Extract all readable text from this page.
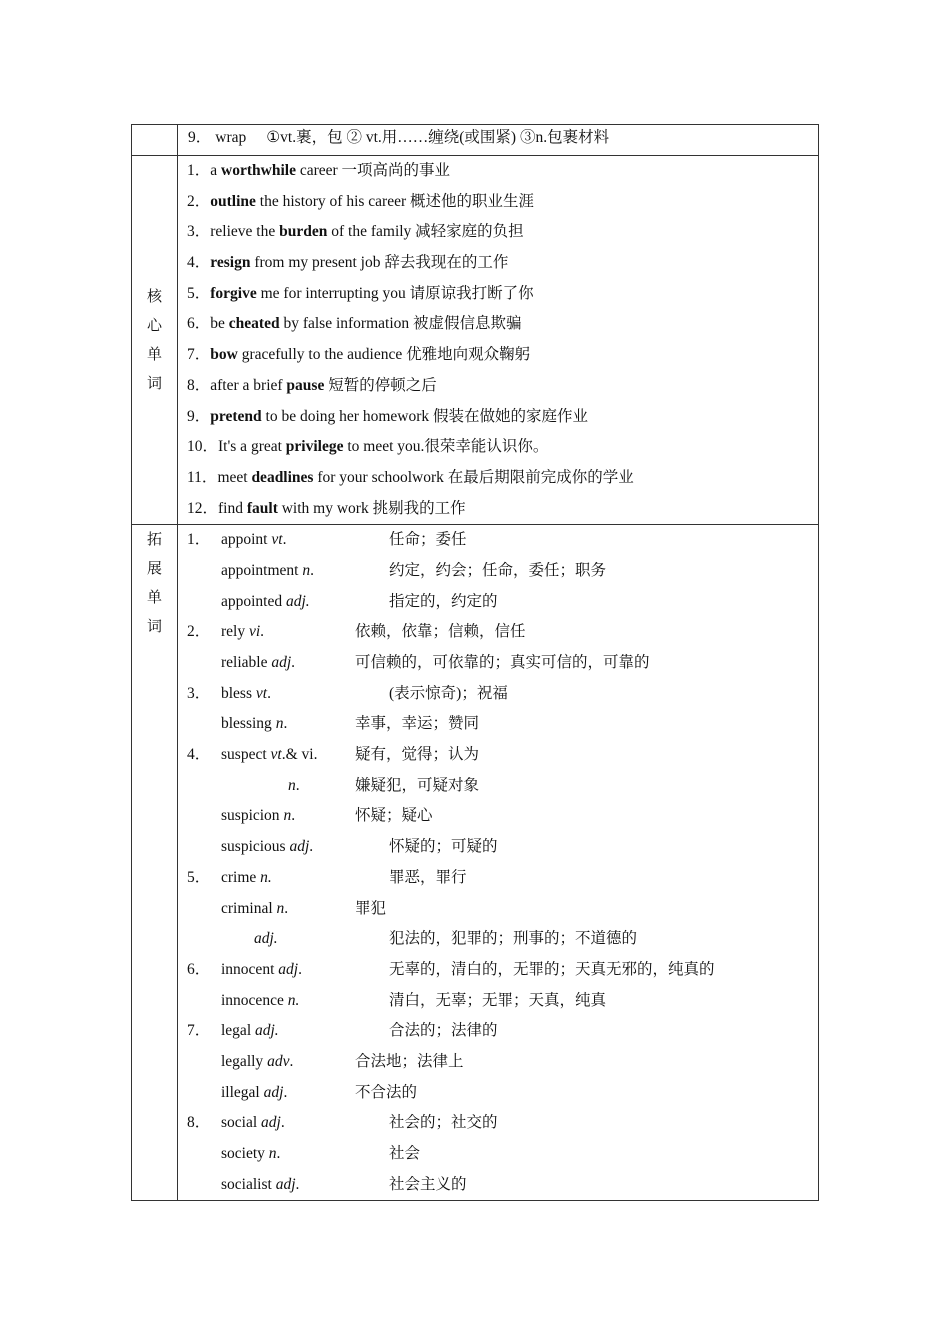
9． wrap ①vt.裹，包 ② vt.用……缠绕(或围紧) ③n.包裹材料
核
心
单
词
1．a worthwhile career 一项高尚的事业
2．outline the history of his career 概述他的职业生涯
3．relieve the burden of the family 减轻家庭的负担
4．resign from my present job 辞去我现在的工作
5．forgive me for interrupting you 请原谅我打断了你
6．be cheated by false information 被虚假信息欺骗
7．bow gracefully to the audience 优雅地向观众鞠躬
8．after a brief pause 短暂的停顿之后
9．pretend to be doing her homework 假装在做她的家庭作业
10．It's a great privilege to meet you.很荣幸能认识你。
11．meet deadlines for your schoolwork 在最后期限前完成你的学业
12．find fault with my work 挑剔我的工作
拓
展
单
词
1． appoint vt.	任命；委任
appointment n.	约定，约会；任命，委任；职务
appointed adj.	指定的，约定的
2． rely vi.	依赖，依靠；信赖，信任
reliable adj.	可信赖的，可依靠的；真实可信的，可靠的
3． bless vt.	(表示惊奇)；祝福
blessing n.	幸事，幸运；赞同
4． suspect vt.& vi. 疑有，觉得；认为
n.	嫌疑犯，可疑对象
suspicion n.	怀疑；疑心
suspicious adj.	怀疑的；可疑的
5． crime n.	罪恶，罪行
criminal n.	罪犯
adj.	犯法的，犯罪的；刑事的；不道德的
6． innocent adj.	无辜的，清白的，无罪的；天真无邪的，纯真的
innocence n.	清白，无辜；无罪；天真，纯真
7． legal adj.	合法的；法律的
legally adv.	合法地；法律上
illegal adj.	不合法的
8． social adj.	社会的；社交的
society n.	社会
socialist adj.	社会主义的
